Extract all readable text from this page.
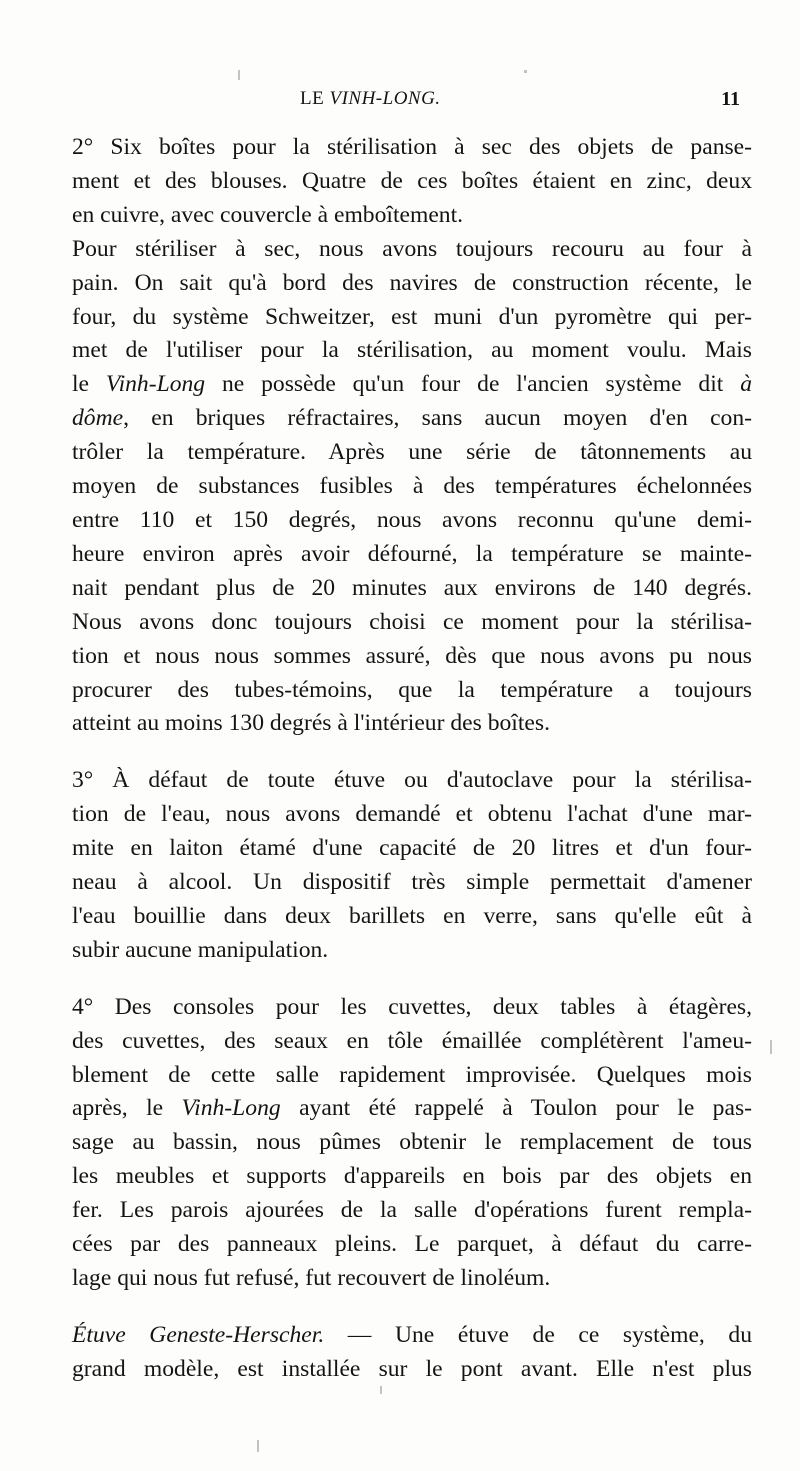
LE VINH-LONG.	11

2° Six boîtes pour la stérilisation à sec des objets de panse-
ment et des blouses. Quatre de ces boîtes étaient en zinc, deux
en cuivre, avec couvercle à emboîtement.

Pour stériliser à sec, nous avons toujours recouru au four à
pain. On sait qu'à bord des navires de construction récente, le
four, du système Schweitzer, est muni d'un pyromètre qui per-
met de l'utiliser pour la stérilisation, au moment voulu. Mais
le Vinh-Long ne possède qu'un four de l'ancien système dit à
dôme, en briques réfractaires, sans aucun moyen d'en con-
trôler la température. Après une série de tâtonnements au
moyen de substances fusibles à des températures échelonnées
entre 110 et 150 degrés, nous avons reconnu qu'une demi-
heure environ après avoir défourné, la température se mainte-
nait pendant plus de 20 minutes aux environs de 140 degrés.
Nous avons donc toujours choisi ce moment pour la stérilisa-
tion et nous nous sommes assuré, dès que nous avons pu nous
procurer des tubes-témoins, que la température a toujours
atteint au moins 130 degrés à l'intérieur des boîtes.

3° À défaut de toute étuve ou d'autoclave pour la stérilisa-
tion de l'eau, nous avons demandé et obtenu l'achat d'une mar-
mite en laiton étamé d'une capacité de 20 litres et d'un four-
neau à alcool. Un dispositif très simple permettait d'amener
l'eau bouillie dans deux barillets en verre, sans qu'elle eût à
subir aucune manipulation.

4° Des consoles pour les cuvettes, deux tables à étagères,
des cuvettes, des seaux en tôle émaillée complétèrent l'ameu-
blement de cette salle rapidement improvisée. Quelques mois
après, le Vinh-Long ayant été rappelé à Toulon pour le pas-
sage au bassin, nous pûmes obtenir le remplacement de tous
les meubles et supports d'appareils en bois par des objets en
fer. Les parois ajourées de la salle d'opérations furent rempla-
cées par des panneaux pleins. Le parquet, à défaut du carre-
lage qui nous fut refusé, fut recouvert de linoléum.

Étuve Geneste-Herscher. — Une étuve de ce système, du
grand modèle, est installée sur le pont avant. Elle n'est plus
